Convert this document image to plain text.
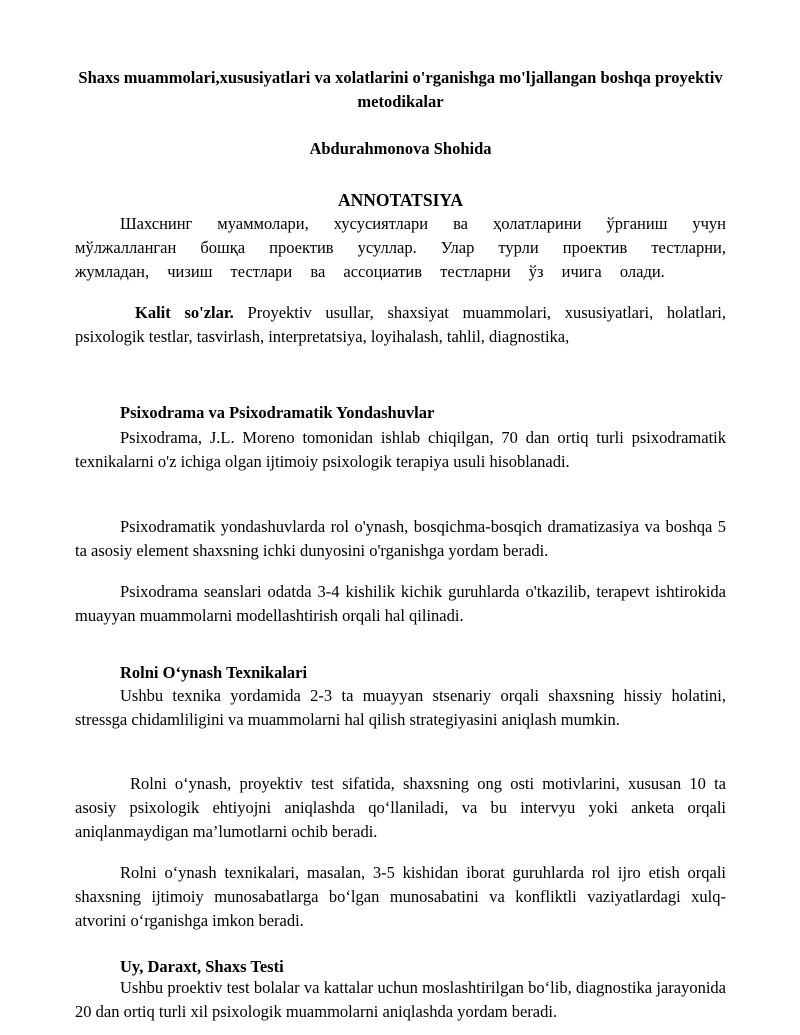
Shaxs muammolari,xususiyatlari va xolatlarini o'rganishga mo'ljallangan boshqa proyektiv metodikalar
Abdurahmonova Shohida
ANNOTATSIYA

Шахснинг муаммолари, хусусиятлари ва ҳолатларини ўрганиш учун мўлжалланган бошқа проектив усуллар. Улар турли проектив тестларни, жумладан, чизиш тестлари ва ассоциатив тестларни ўз ичига олади.

Kalit so'zlar. Proyektiv usullar, shaxsiyat muammolari, xususiyatlari, holatlari, psixologik testlar, tasvirlash, interpretatsiya, loyihalash, tahlil, diagnostika,

Psixodrama va Psixodramatik Yondashuvlar

Psixodrama, J.L. Moreno tomonidan ishlab chiqilgan, 70 dan ortiq turli psixodramatik texnikalarni o'z ichiga olgan ijtimoiy psixologik terapiya usuli hisoblanadi.

Psixodramatik yondashuvlarda rol o'ynash, bosqichma-bosqich dramatizasiya va boshqa 5 ta asosiy element shaxsning ichki dunyosini o'rganishga yordam beradi.

Psixodrama seanslari odatda 3-4 kishilik kichik guruhlarda o'tkazilib, terapevt ishtirokida muayyan muammolarni modellashtirish orqali hal qilinadi.

Rolni O‘ynash Texnikalari

Ushbu texnika yordamida 2-3 ta muayyan stsenariy orqali shaxsning hissiy holatini, stressga chidamliligini va muammolarni hal qilish strategiyasini aniqlash mumkin.

Rolni o‘ynash, proyektiv test sifatida, shaxsning ong osti motivlarini, xususan 10 ta asosiy psixologik ehtiyojni aniqlashda qo‘llaniladi, va bu intervyu yoki anketa orqali aniqlanmaydigan ma’lumotlarni ochib beradi.

Rolni o‘ynash texnikalari, masalan, 3-5 kishidan iborat guruhlarda rol ijro etish orqali shaxsning ijtimoiy munosabatlarga bo‘lgan munosabatini va konfliktli vaziyatlardagi xulq-atvorini o‘rganishga imkon beradi.

Uy, Daraxt, Shaxs Testi

Ushbu proektiv test bolalar va kattalar uchun moslashtirilgan bo‘lib, diagnostika jarayonida 20 dan ortiq turli xil psixologik muammolarni aniqlashda yordam beradi.
